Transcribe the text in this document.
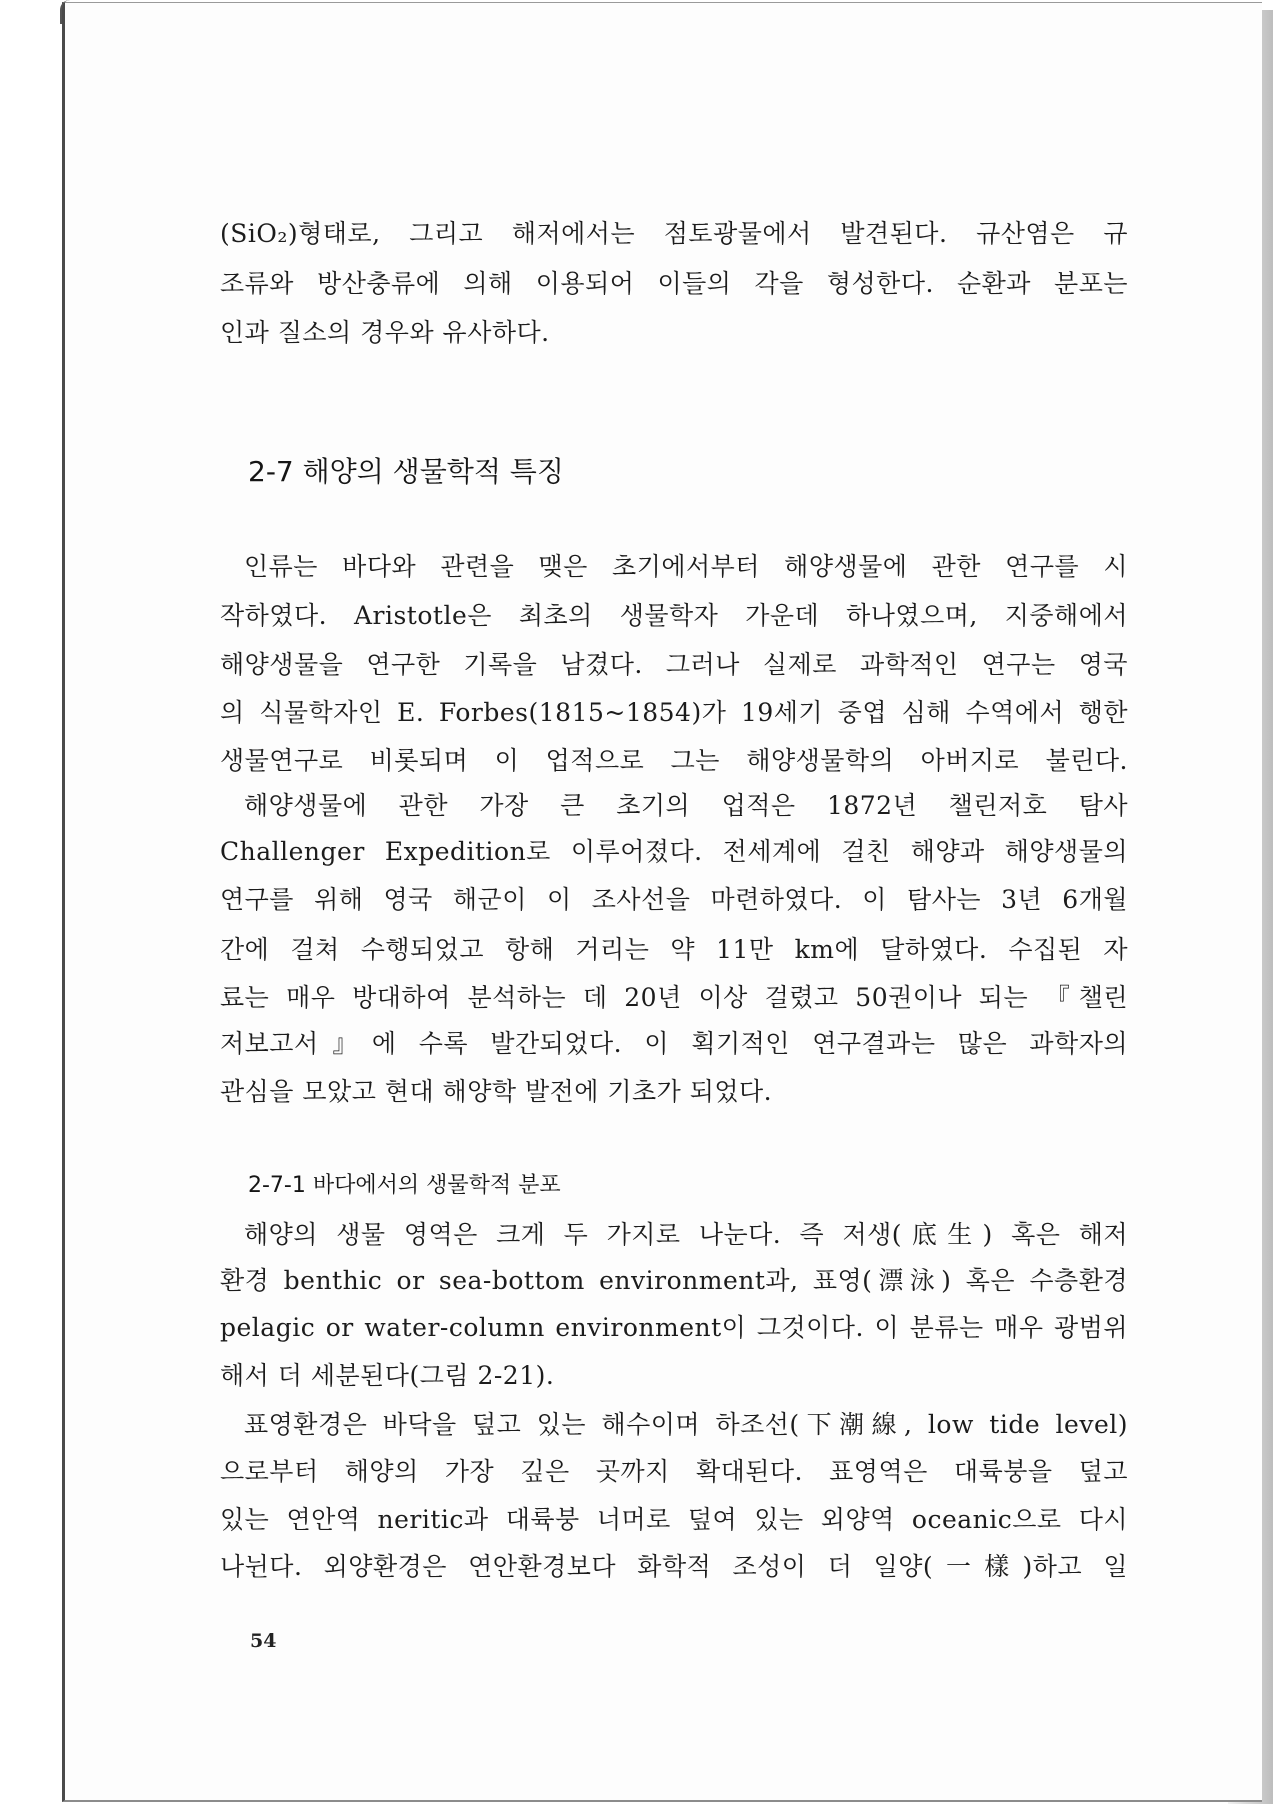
(SiO₂)형태로, 그리고 해저에서는 점토광물에서 발견된다. 규산염은 규
조류와 방산충류에 의해 이용되어 이들의 각을 형성한다. 순환과 분포는
인과 질소의 경우와 유사하다.
2-7 해양의 생물학적 특징
인류는 바다와 관련을 맺은 초기에서부터 해양생물에 관한 연구를 시
작하였다. Aristotle은 최초의 생물학자 가운데 하나였으며, 지중해에서
해양생물을 연구한 기록을 남겼다. 그러나 실제로 과학적인 연구는 영국
의 식물학자인 E. Forbes(1815~1854)가 19세기 중엽 심해 수역에서 행한
생물연구로 비롯되며 이 업적으로 그는 해양생물학의 아버지로 불린다.
해양생물에 관한 가장 큰 초기의 업적은 1872년 챌린저호 탐사
Challenger Expedition로 이루어졌다. 전세계에 걸친 해양과 해양생물의
연구를 위해 영국 해군이 이 조사선을 마련하였다. 이 탐사는 3년 6개월
간에 걸쳐 수행되었고 항해 거리는 약 11만 km에 달하였다. 수집된 자
료는 매우 방대하여 분석하는 데 20년 이상 걸렸고 50권이나 되는 『챌린
저보고서』에 수록 발간되었다. 이 획기적인 연구결과는 많은 과학자의
관심을 모았고 현대 해양학 발전에 기초가 되었다.
2-7-1 바다에서의 생물학적 분포
해양의 생물 영역은 크게 두 가지로 나눈다. 즉 저생(底生) 혹은 해저
환경 benthic or sea-bottom environment과, 표영(漂泳) 혹은 수층환경
pelagic or water-column environment이 그것이다. 이 분류는 매우 광범위
해서 더 세분된다(그림 2-21).
표영환경은 바닥을 덮고 있는 해수이며 하조선(下潮線, low tide level)
으로부터 해양의 가장 깊은 곳까지 확대된다. 표영역은 대륙붕을 덮고
있는 연안역 neritic과 대륙붕 너머로 덮여 있는 외양역 oceanic으로 다시
나뉜다. 외양환경은 연안환경보다 화학적 조성이 더 일양(一樣)하고 일
54
